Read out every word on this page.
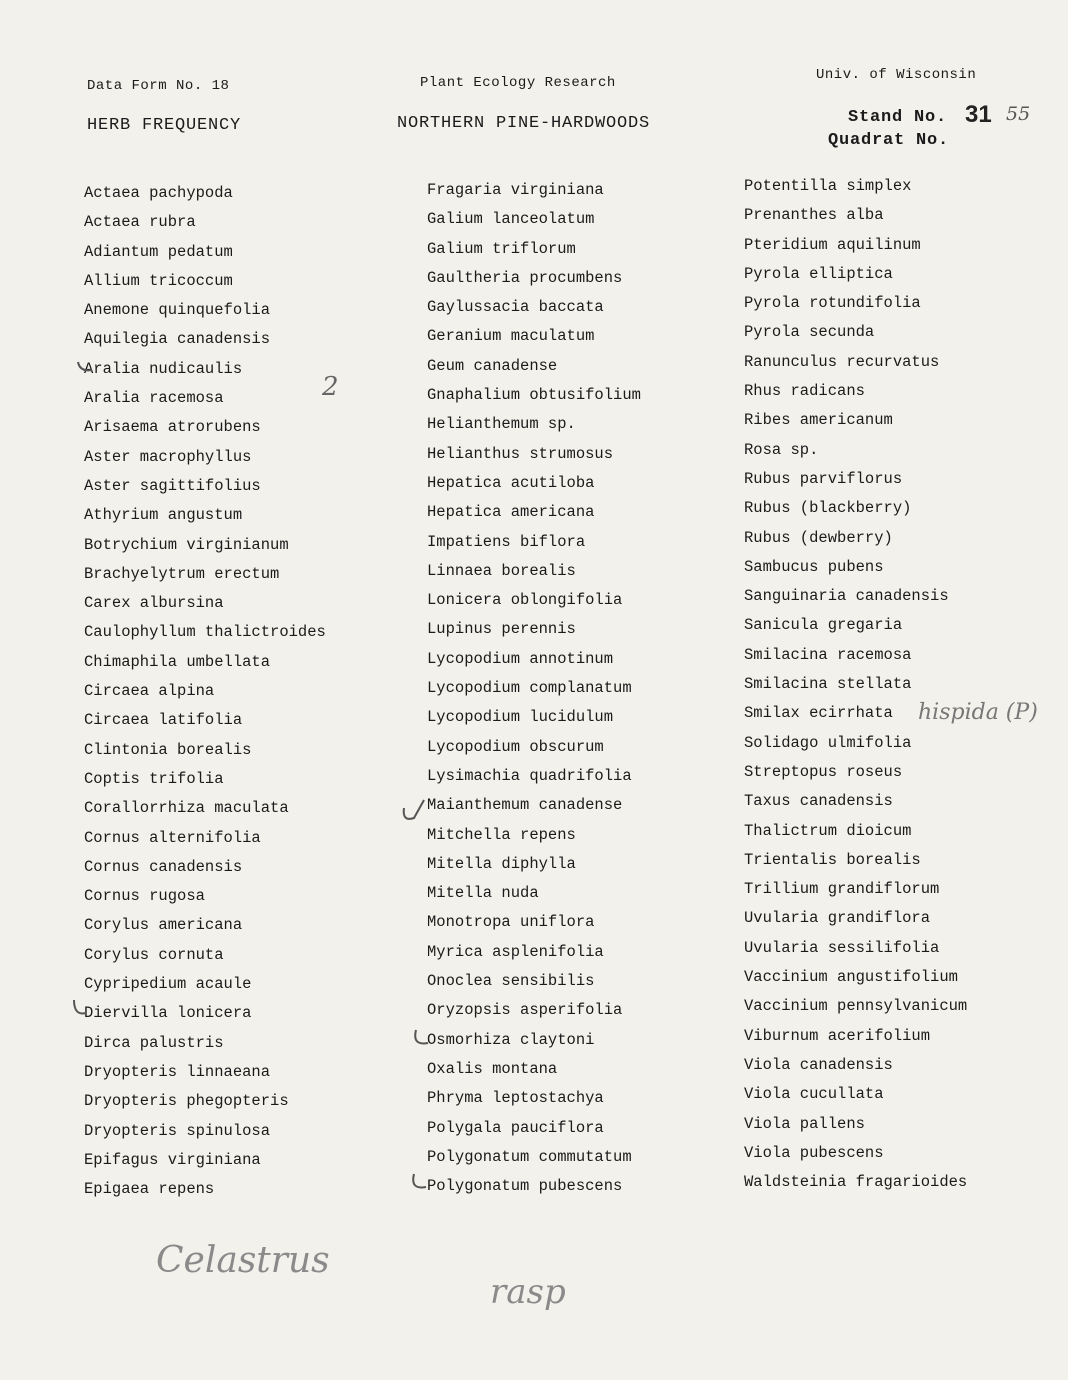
Data Form No. 18	Plant Ecology Research	Univ. of Wisconsin
HERB FREQUENCY	NORTHERN PINE-HARDWOODS	Stand No. 31 55
Quadrat No.
Actaea pachypoda
Actaea rubra
Adiantum pedatum
Allium tricoccum
Anemone quinquefolia
Aquilegia canadensis
Aralia nudicaulis
Aralia racemosa
Arisaema atrorubens
Aster macrophyllus
Aster sagittifolius
Athyrium angustum
Botrychium virginianum
Brachyelytrum erectum
Carex albursina
Caulophyllum thalictroides
Chimaphila umbellata
Circaea alpina
Circaea latifolia
Clintonia borealis
Coptis trifolia
Corallorrhiza maculata
Cornus alternifolia
Cornus canadensis
Cornus rugosa
Corylus americana
Corylus cornuta
Cypripedium acaule
Diervilla lonicera
Dirca palustris
Dryopteris linnaeana
Dryopteris phegopteris
Dryopteris spinulosa
Epifagus virginiana
Epigaea repens
Fragaria virginiana
Galium lanceolatum
Galium triflorum
Gaultheria procumbens
Gaylussacia baccata
Geranium maculatum
Geum canadense
Gnaphalium obtusifolium
Helianthemum sp.
Helianthus strumosus
Hepatica acutiloba
Hepatica americana
Impatiens biflora
Linnaea borealis
Lonicera oblongifolia
Lupinus perennis
Lycopodium annotinum
Lycopodium complanatum
Lycopodium lucidulum
Lycopodium obscurum
Lysimachia quadrifolia
Maianthemum canadense
Mitchella repens
Mitella diphylla
Mitella nuda
Monotropa uniflora
Myrica asplenifolia
Onoclea sensibilis
Oryzopsis asperifolia
Osmorhiza claytoni
Oxalis montana
Phryma leptostachya
Polygala pauciflora
Polygonatum commutatum
Polygonatum pubescens
Potentilla simplex
Prenanthes alba
Pteridium aquilinum
Pyrola elliptica
Pyrola rotundifolia
Pyrola secunda
Ranunculus recurvatus
Rhus radicans
Ribes americanum
Rosa sp.
Rubus parviflorus
Rubus (blackberry)
Rubus (dewberry)
Sambucus pubens
Sanguinaria canadensis
Sanicula gregaria
Smilacina racemosa
Smilacina stellata
Smilax ecirrhata
Solidago ulmifolia
Streptopus roseus
Taxus canadensis
Thalictrum dioicum
Trientalis borealis
Trillium grandiflorum
Uvularia grandiflora
Uvularia sessilifolia
Vaccinium angustifolium
Vaccinium pennsylvanicum
Viburnum acerifolium
Viola canadensis
Viola cucullata
Viola pallens
Viola pubescens
Waldsteinia fragarioides
2
hispida (P)
Celastrus
rasp
